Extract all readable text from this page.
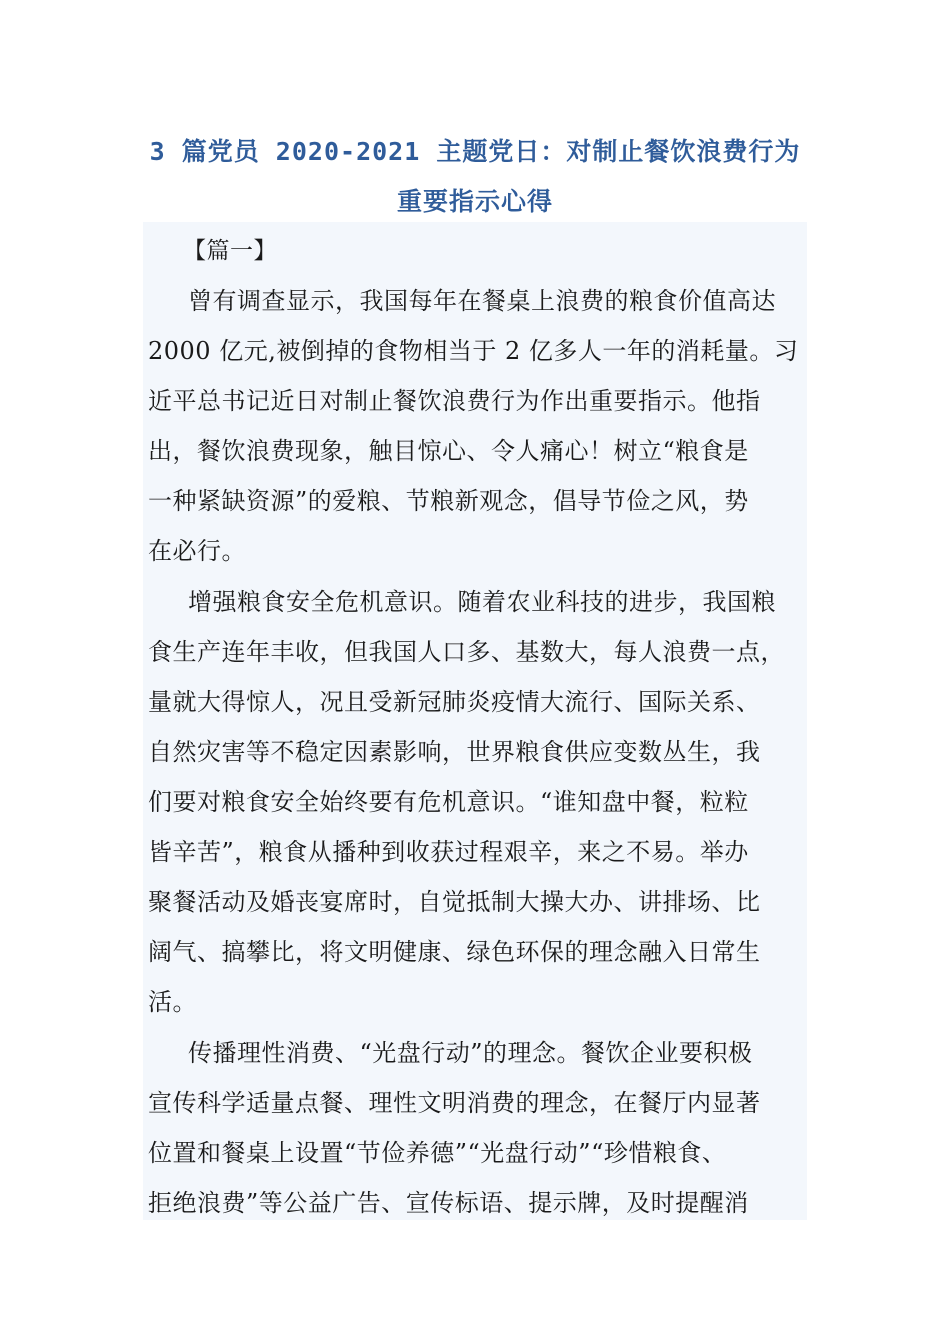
3 篇党员 2020-2021 主题党日：对制止餐饮浪费行为
重要指示心得
【篇一】
曾有调查显示，我国每年在餐桌上浪费的粮食价值高达
2000 亿元,被倒掉的食物相当于 2 亿多人一年的消耗量。习
近平总书记近日对制止餐饮浪费行为作出重要指示。他指
出，餐饮浪费现象，触目惊心、令人痛心！树立“粮食是
一种紧缺资源”的爱粮、节粮新观念，倡导节俭之风，势
在必行。
增强粮食安全危机意识。随着农业科技的进步，我国粮
食生产连年丰收，但我国人口多、基数大，每人浪费一点，
量就大得惊人，况且受新冠肺炎疫情大流行、国际关系、
自然灾害等不稳定因素影响，世界粮食供应变数丛生，我
们要对粮食安全始终要有危机意识。“谁知盘中餐，粒粒
皆辛苦”，粮食从播种到收获过程艰辛，来之不易。举办
聚餐活动及婚丧宴席时，自觉抵制大操大办、讲排场、比
阔气、搞攀比，将文明健康、绿色环保的理念融入日常生
活。
传播理性消费、“光盘行动”的理念。餐饮企业要积极
宣传科学适量点餐、理性文明消费的理念，在餐厅内显著
位置和餐桌上设置“节俭养德”“光盘行动”“珍惜粮食、
拒绝浪费”等公益广告、宣传标语、提示牌，及时提醒消
